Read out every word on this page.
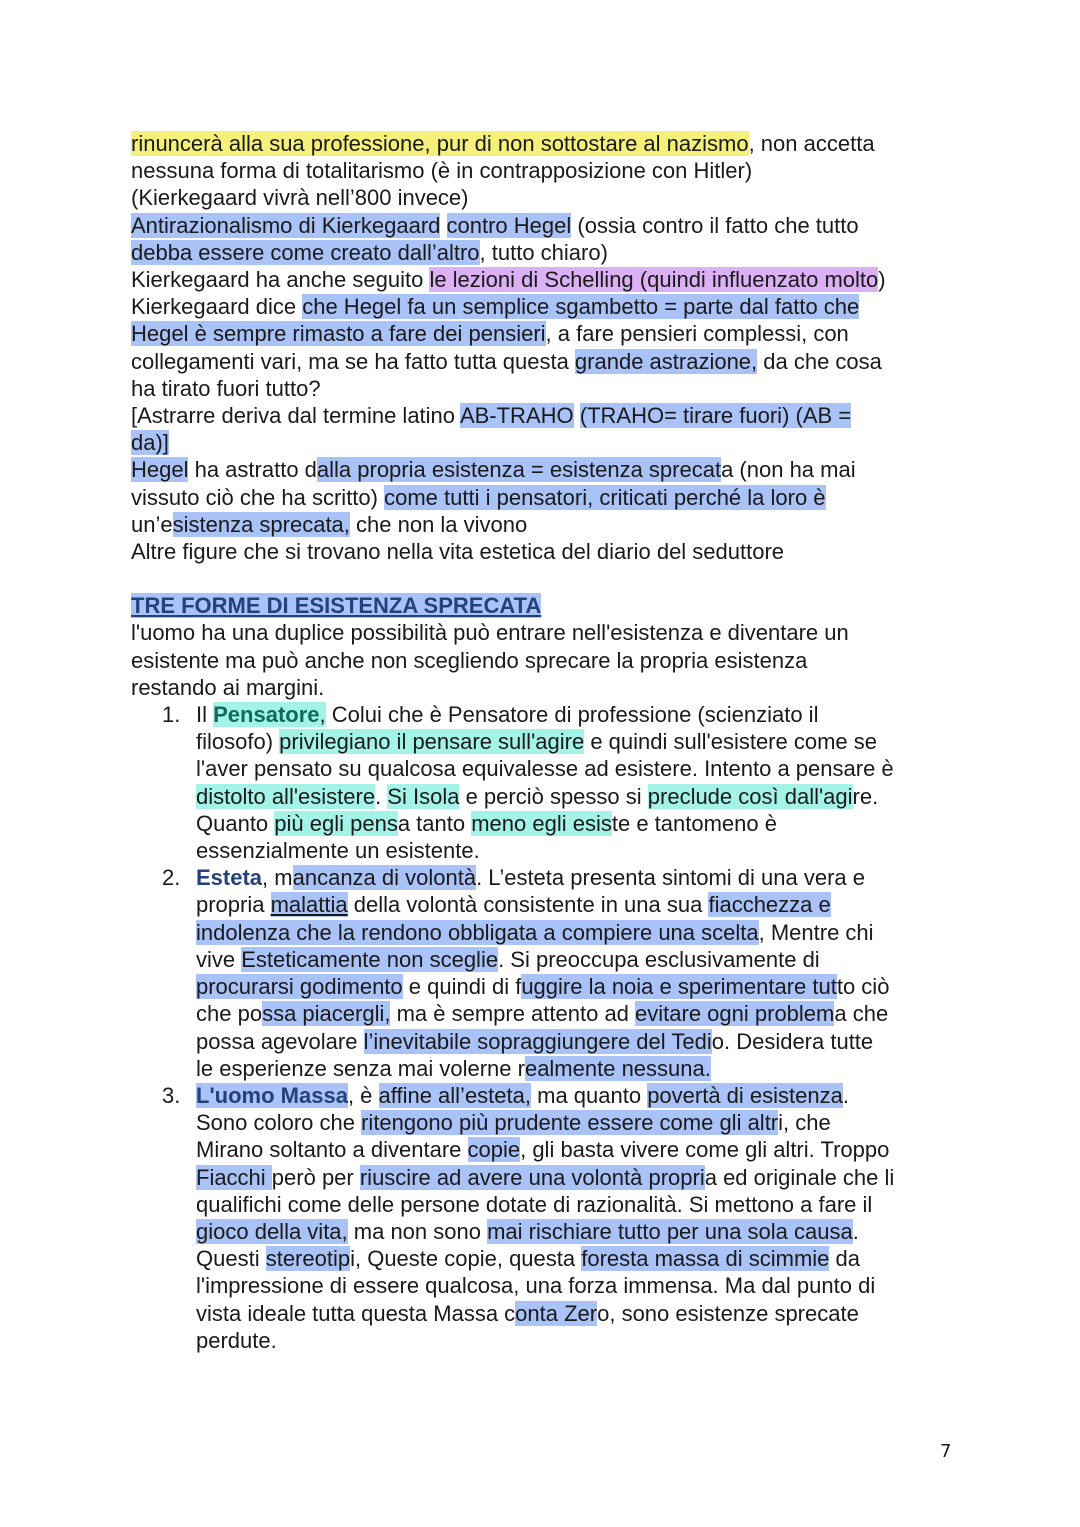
rinuncerà alla sua professione, pur di non sottostare al nazismo, non accetta
nessuna forma di totalitarismo (è in contrapposizione con Hitler)
(Kierkegaard vivrà nell’800 invece)
Antirazionalismo di Kierkegaard contro Hegel (ossia contro il fatto che tutto
debba essere come creato dall’altro, tutto chiaro)
Kierkegaard ha anche seguito le lezioni di Schelling (quindi influenzato molto)
Kierkegaard dice che Hegel fa un semplice sgambetto = parte dal fatto che
Hegel è sempre rimasto a fare dei pensieri, a fare pensieri complessi, con
collegamenti vari, ma se ha fatto tutta questa grande astrazione, da che cosa
ha tirato fuori tutto?
[Astrarre deriva dal termine latino AB-TRAHO (TRAHO= tirare fuori) (AB =
da)]
Hegel ha astratto dalla propria esistenza = esistenza sprecata (non ha mai
vissuto ciò che ha scritto) come tutti i pensatori, criticati perché la loro è
un’esistenza sprecata, che non la vivono
Altre figure che si trovano nella vita estetica del diario del seduttore
TRE FORME DI ESISTENZA SPRECATA
l'uomo ha una duplice possibilità può entrare nell'esistenza e diventare un
esistente ma può anche non scegliendo sprecare la propria esistenza
restando ai margini.
1. Il Pensatore, Colui che è Pensatore di professione (scienziato il
filosofo) privilegiano il pensare sull'agire e quindi sull'esistere come se
l'aver pensato su qualcosa equivalesse ad esistere. Intento a pensare è
distolto all'esistere. Si Isola e perciò spesso si preclude così dall'agire.
Quanto più egli pensa tanto meno egli esiste e tantomeno è
essenzialmente un esistente.
2. Esteta, mancanza di volontà. L’esteta presenta sintomi di una vera e
propria malattia della volontà consistente in una sua fiacchezza e
indolenza che la rendono obbligata a compiere una scelta, Mentre chi
vive Esteticamente non sceglie. Si preoccupa esclusivamente di
procurarsi godimento e quindi di fuggire la noia e sperimentare tutto ciò
che possa piacergli, ma è sempre attento ad evitare ogni problema che
possa agevolare l’inevitabile sopraggiungere del Tedio. Desidera tutte
le esperienze senza mai volerne realmente nessuna.
3. L'uomo Massa, è affine all’esteta, ma quanto povertà di esistenza.
Sono coloro che ritengono più prudente essere come gli altri, che
Mirano soltanto a diventare copie, gli basta vivere come gli altri. Troppo
Fiacchi però per riuscire ad avere una volontà propria ed originale che li
qualifichi come delle persone dotate di razionalità. Si mettono a fare il
gioco della vita, ma non sono mai rischiare tutto per una sola causa.
Questi stereotipi, Queste copie, questa foresta massa di scimmie da
l'impressione di essere qualcosa, una forza immensa. Ma dal punto di
vista ideale tutta questa Massa conta Zero, sono esistenze sprecate
perdute.
7
